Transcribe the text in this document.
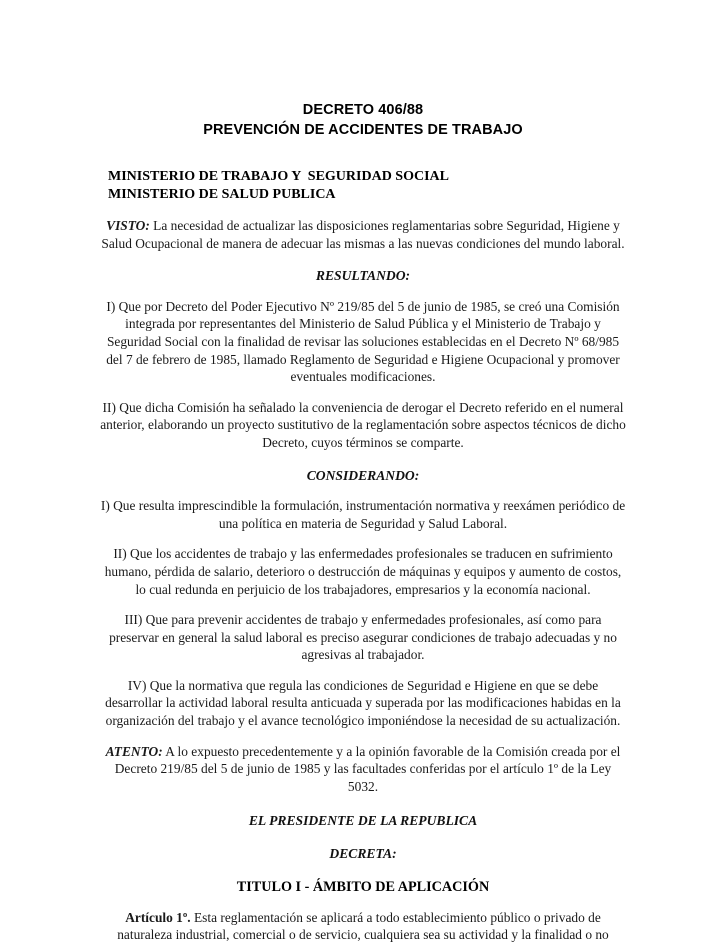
DECRETO 406/88
PREVENCIÓN DE ACCIDENTES DE TRABAJO
MINISTERIO DE TRABAJO Y  SEGURIDAD SOCIAL
MINISTERIO DE SALUD PUBLICA

VISTO: La necesidad de actualizar las disposiciones reglamentarias sobre Seguridad, Higiene y Salud Ocupacional de manera de adecuar las mismas a las nuevas condiciones del mundo laboral.

RESULTANDO:

I) Que por Decreto del Poder Ejecutivo Nº 219/85 del 5 de junio de 1985, se creó una Comisión integrada por representantes del Ministerio de Salud Pública y el Ministerio de Trabajo y Seguridad Social con la finalidad de revisar las soluciones establecidas en el Decreto Nº 68/985 del 7 de febrero de 1985, llamado Reglamento de Seguridad e Higiene Ocupacional y promover eventuales modificaciones.

II) Que dicha Comisión ha señalado la conveniencia de derogar el Decreto referido en el numeral anterior, elaborando un proyecto sustitutivo de la reglamentación sobre aspectos técnicos de dicho Decreto, cuyos términos se comparte.

CONSIDERANDO:

I) Que resulta imprescindible la formulación, instrumentación normativa y reexámen periódico de una política en materia de Seguridad y Salud Laboral.

II) Que los accidentes de trabajo y las enfermedades profesionales se traducen en sufrimiento humano, pérdida de salario, deterioro o destrucción de máquinas y equipos y aumento de costos, lo cual redunda en perjuicio de los trabajadores, empresarios y la economía nacional.

III) Que para prevenir accidentes de trabajo y enfermedades profesionales, así como para preservar en general la salud laboral es preciso asegurar condiciones de trabajo adecuadas y no agresivas al trabajador.

IV) Que la normativa que regula las condiciones de Seguridad e Higiene en que se debe desarrollar la actividad laboral resulta anticuada y superada por las modificaciones habidas en la organización del trabajo y el avance tecnológico imponiéndose la necesidad de su actualización.

ATENTO: A lo expuesto precedentemente y a la opinión favorable de la Comisión creada por el Decreto 219/85 del 5 de junio de 1985 y las facultades conferidas por el artículo 1º de la Ley 5032.

EL PRESIDENTE DE LA REPUBLICA

DECRETA:

TITULO I - ÁMBITO DE APLICACIÓN

Artículo 1º. Esta reglamentación se aplicará a todo establecimiento público o privado de naturaleza industrial, comercial o de servicio, cualquiera sea su actividad y la finalidad o no
